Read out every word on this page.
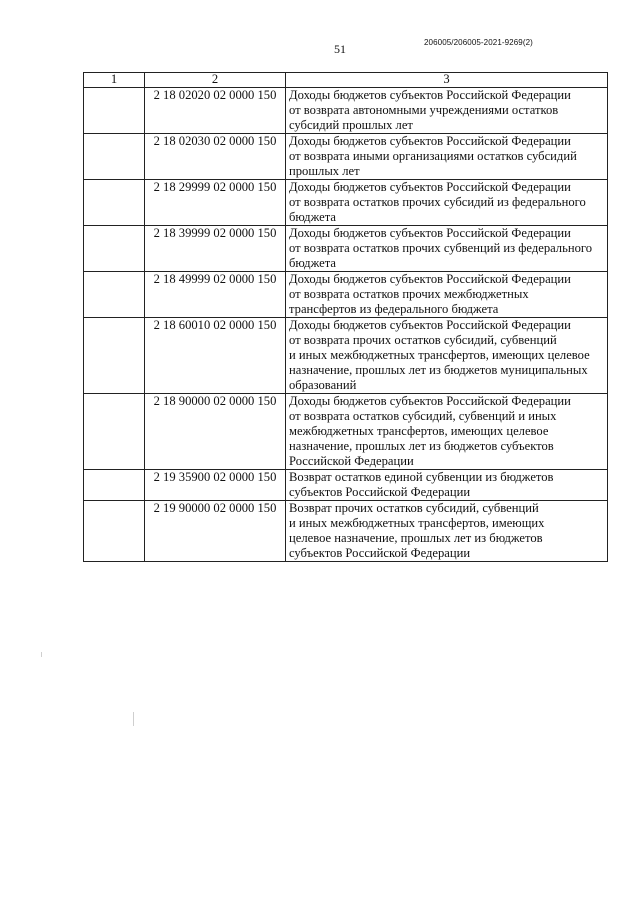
51	206005/206005-2021-9269(2)
1	2	3
	2 18 02020 02 0000 150	Доходы бюджетов субъектов Российской Федерации
от возврата автономными учреждениями остатков
субсидий прошлых лет
	2 18 02030 02 0000 150	Доходы бюджетов субъектов Российской Федерации
от возврата иными организациями остатков субсидий
прошлых лет
	2 18 29999 02 0000 150	Доходы бюджетов субъектов Российской Федерации
от возврата остатков прочих субсидий из федерального
бюджета
	2 18 39999 02 0000 150	Доходы бюджетов субъектов Российской Федерации
от возврата остатков прочих субвенций из федерального
бюджета
	2 18 49999 02 0000 150	Доходы бюджетов субъектов Российской Федерации
от возврата остатков прочих межбюджетных
трансфертов из федерального бюджета
	2 18 60010 02 0000 150	Доходы бюджетов субъектов Российской Федерации
от возврата прочих остатков субсидий, субвенций
и иных межбюджетных трансфертов, имеющих целевое
назначение, прошлых лет из бюджетов муниципальных
образований
	2 18 90000 02 0000 150	Доходы бюджетов субъектов Российской Федерации
от возврата остатков субсидий, субвенций и иных
межбюджетных трансфертов, имеющих целевое
назначение, прошлых лет из бюджетов субъектов
Российской Федерации
	2 19 35900 02 0000 150	Возврат остатков единой субвенции из бюджетов
субъектов Российской Федерации
	2 19 90000 02 0000 150	Возврат прочих остатков субсидий, субвенций
и иных межбюджетных трансфертов, имеющих
целевое назначение, прошлых лет из бюджетов
субъектов Российской Федерации
